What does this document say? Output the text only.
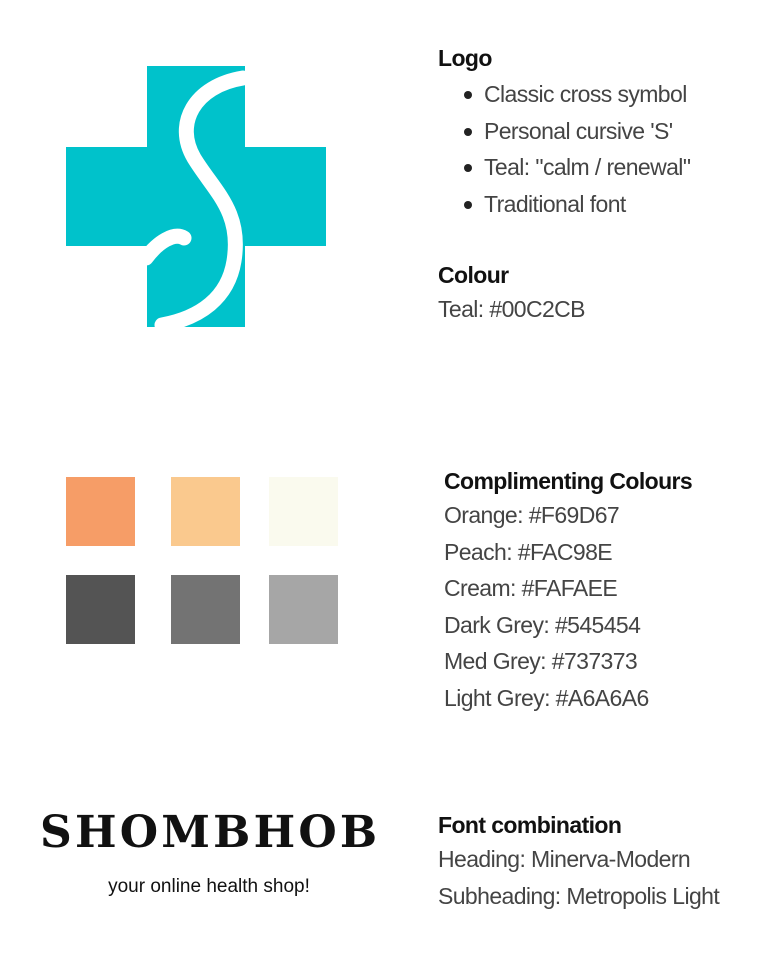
Logo
Classic cross symbol
Personal cursive 'S'
Teal: "calm / renewal"
Traditional font
Colour

Teal: #00C2CB

Complimenting Colours

Orange: #F69D67

Peach: #FAC98E

Cream: #FAFAEE

Dark Grey: #545454

Med Grey: #737373

Light Grey: #A6A6A6

SHOMBHOB

your online health shop!

Font combination

Heading: Minerva-Modern

Subheading: Metropolis Light
